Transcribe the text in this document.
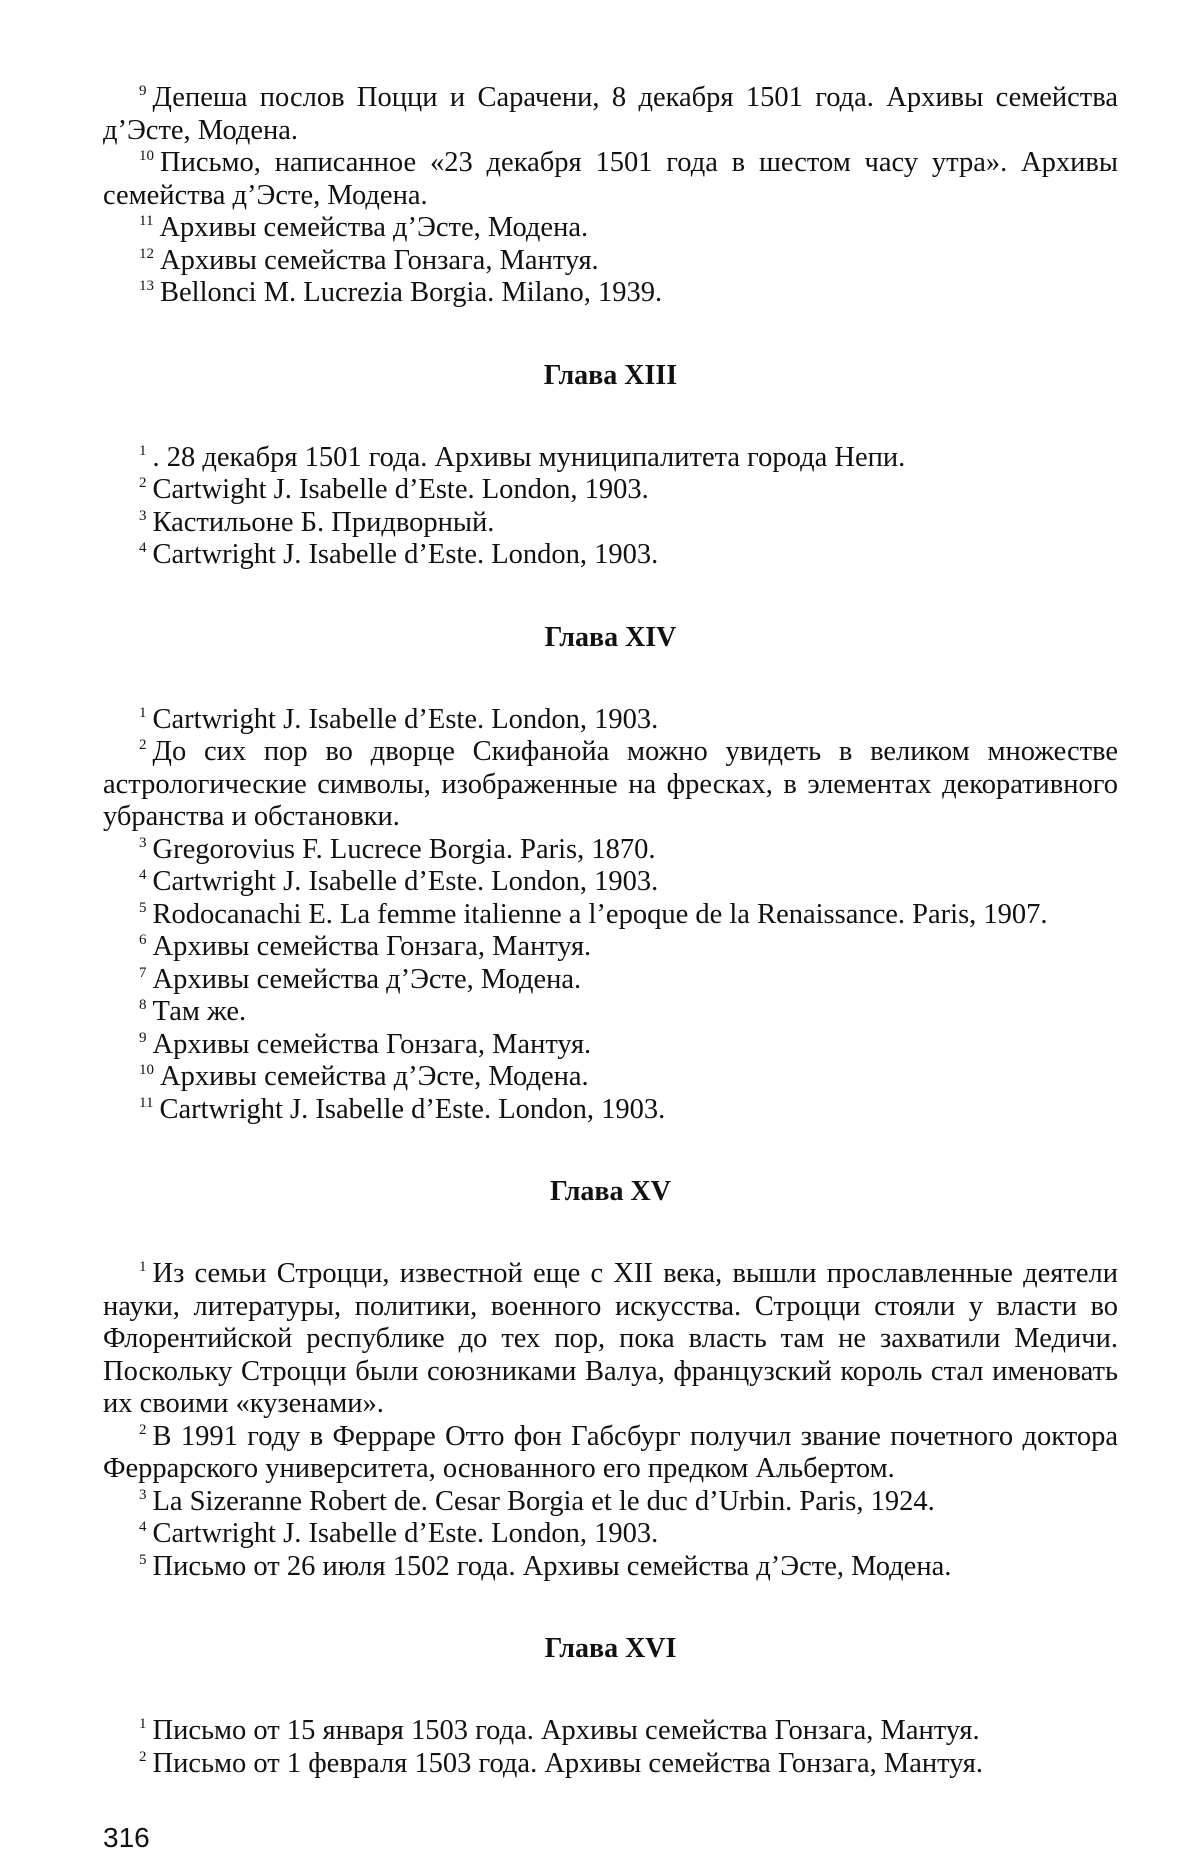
$^9$ Депеша послов Поцци и Сарачени, 8 декабря 1501 года. Архивы семейства д’Эсте, Модена.

$^{10}$ Письмо, написанное «23 декабря 1501 года в шестом часу утра». Архивы семейства д’Эсте, Модена.

$^{11}$ Архивы семейства д’Эсте, Модена.

$^{12}$ Архивы семейства Гонзага, Мантуя.

$^{13}$ Bellonci M. Lucrezia Borgia. Milano, 1939.

Глава XIII

$^1$ . 28 декабря 1501 года. Архивы муниципалитета города Непи.

$^2$ Cartwight J. Isabelle d’Este. London, 1903.

$^3$ Кастильоне Б. Придворный.

$^4$ Cartwright J. Isabelle d’Este. London, 1903.

Глава XIV

$^1$ Cartwright J. Isabelle d’Este. London, 1903.

$^2$ До сих пор во дворце Скифанойа можно увидеть в великом множестве астрологические символы, изображенные на фресках, в элементах декоративного убранства и обстановки.

$^3$ Gregorovius F. Lucrece Borgia. Paris, 1870.

$^4$ Cartwright J. Isabelle d’Este. London, 1903.

$^5$ Rodocanachi E. La femme italienne a l’epoque de la Renaissance. Paris, 1907.

$^6$ Архивы семейства Гонзага, Мантуя.

$^7$ Архивы семейства д’Эсте, Модена.

$^8$ Там же.

$^9$ Архивы семейства Гонзага, Мантуя.

$^{10}$ Архивы семейства д’Эсте, Модена.

$^{11}$ Cartwright J. Isabelle d’Este. London, 1903.

Глава XV

$^1$ Из семьи Строцци, известной еще с XII века, вышли прославленные деятели науки, литературы, политики, военного искусства. Строцци стояли у власти во Флорентийской республике до тех пор, пока власть там не захватили Медичи. Поскольку Строцци были союзниками Валуа, французский король стал именовать их своими «кузенами».

$^2$ В 1991 году в Ферраре Отто фон Габсбург получил звание почетного доктора Феррарского университета, основанного его предком Альбертом.

$^3$ La Sizeranne Robert de. Cesar Borgia et le duc d’Urbin. Paris, 1924.

$^4$ Cartwright J. Isabelle d’Este. London, 1903.

$^5$ Письмо от 26 июля 1502 года. Архивы семейства д’Эсте, Модена.

Глава XVI

$^1$ Письмо от 15 января 1503 года. Архивы семейства Гонзага, Мантуя.

$^2$ Письмо от 1 февраля 1503 года. Архивы семейства Гонзага, Мантуя.

316
